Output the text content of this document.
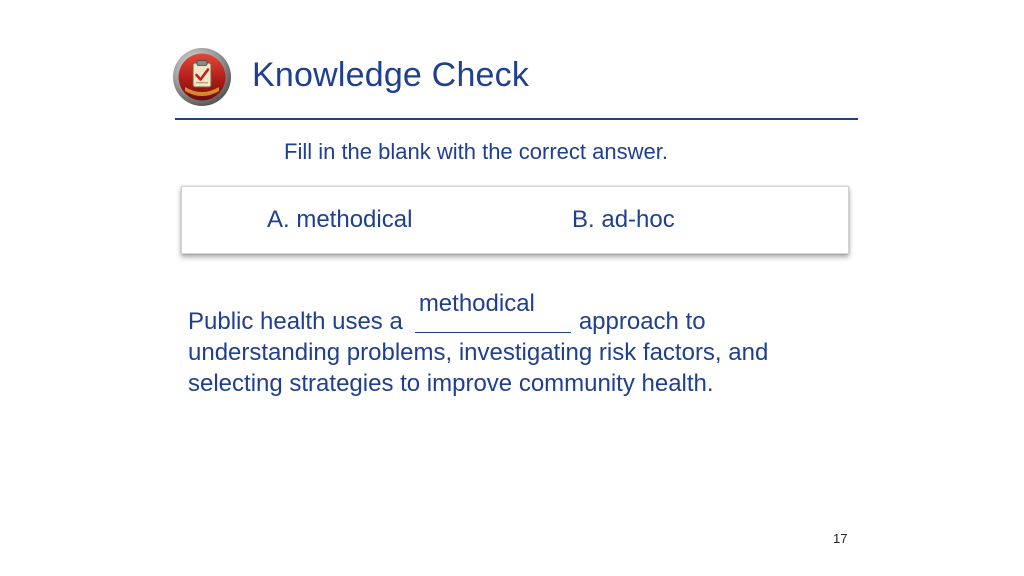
Knowledge Check
Fill in the blank with the correct answer.
A. methodical	B. ad-hoc
Public health uses a
methodical
approach to understanding problems, investigating risk factors, and selecting strategies to improve community health.
17
